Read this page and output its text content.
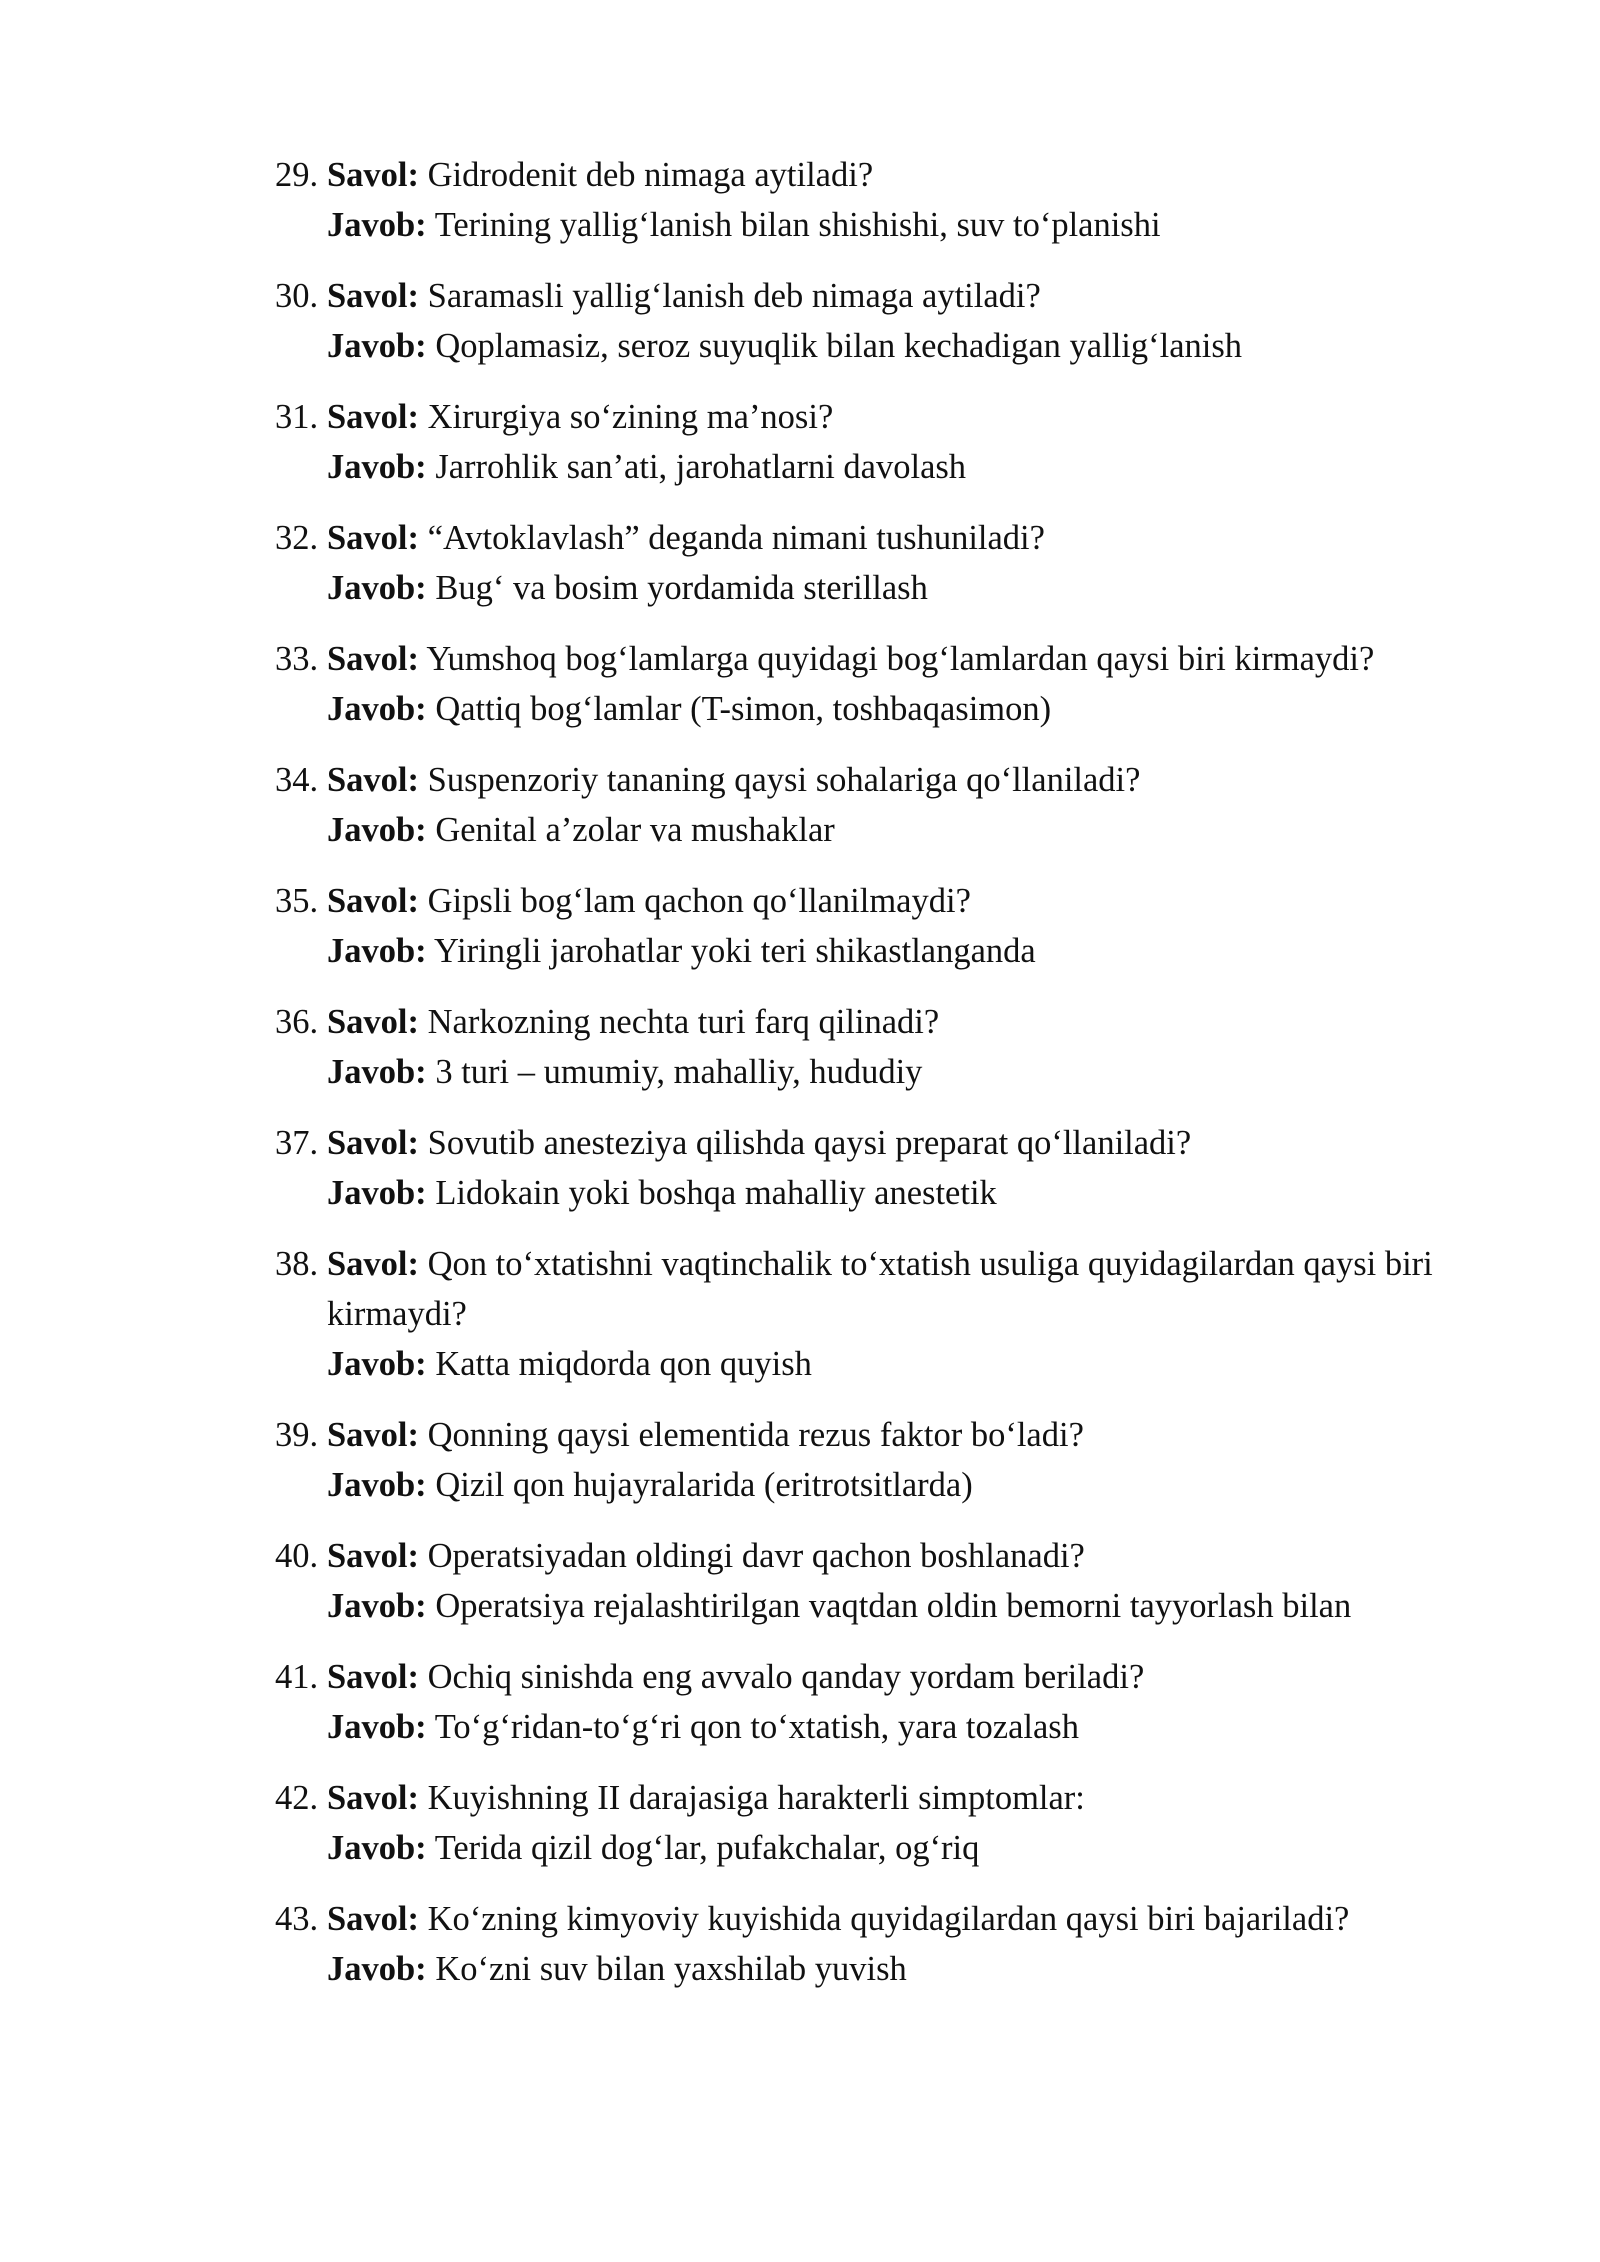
29. Savol: Gidrodenit deb nimaga aytiladi?
Javob: Terining yallig‘lanish bilan shishishi, suv to‘planishi
30. Savol: Saramasli yallig‘lanish deb nimaga aytiladi?
Javob: Qoplamasiz, seroz suyuqlik bilan kechadigan yallig‘lanish
31. Savol: Xirurgiya so‘zining ma’nosi?
Javob: Jarrohlik san’ati, jarohatlarni davolash
32. Savol: “Avtoklavlash” deganda nimani tushuniladi?
Javob: Bug‘ va bosim yordamida sterillash
33. Savol: Yumshoq bog‘lamlarga quyidagi bog‘lamlardan qaysi biri kirmaydi?
Javob: Qattiq bog‘lamlar (T-simon, toshbaqasimon)
34. Savol: Suspenzoriy tananing qaysi sohalariga qo‘llaniladi?
Javob: Genital a’zolar va mushaklar
35. Savol: Gipsli bog‘lam qachon qo‘llanilmaydi?
Javob: Yiringli jarohatlar yoki teri shikastlanganda
36. Savol: Narkozning nechta turi farq qilinadi?
Javob: 3 turi – umumiy, mahalliy, hududiy
37. Savol: Sovutib anesteziya qilishda qaysi preparat qo‘llaniladi?
Javob: Lidokain yoki boshqa mahalliy anestetik
38. Savol: Qon to‘xtatishni vaqtinchalik to‘xtatish usuliga quyidagilardan qaysi biri kirmaydi?
Javob: Katta miqdorda qon quyish
39. Savol: Qonning qaysi elementida rezus faktor bo‘ladi?
Javob: Qizil qon hujayralarida (eritrotsitlarda)
40. Savol: Operatsiyadan oldingi davr qachon boshlanadi?
Javob: Operatsiya rejalashtirilgan vaqtdan oldin bemorni tayyorlash bilan
41. Savol: Ochiq sinishda eng avvalo qanday yordam beriladi?
Javob: To‘g‘ridan-to‘g‘ri qon to‘xtatish, yara tozalash
42. Savol: Kuyishning II darajasiga harakterli simptomlar:
Javob: Terida qizil dog‘lar, pufakchalar, og‘riq
43. Savol: Ko‘zning kimyoviy kuyishida quyidagilardan qaysi biri bajariladi?
Javob: Ko‘zni suv bilan yaxshilab yuvish
